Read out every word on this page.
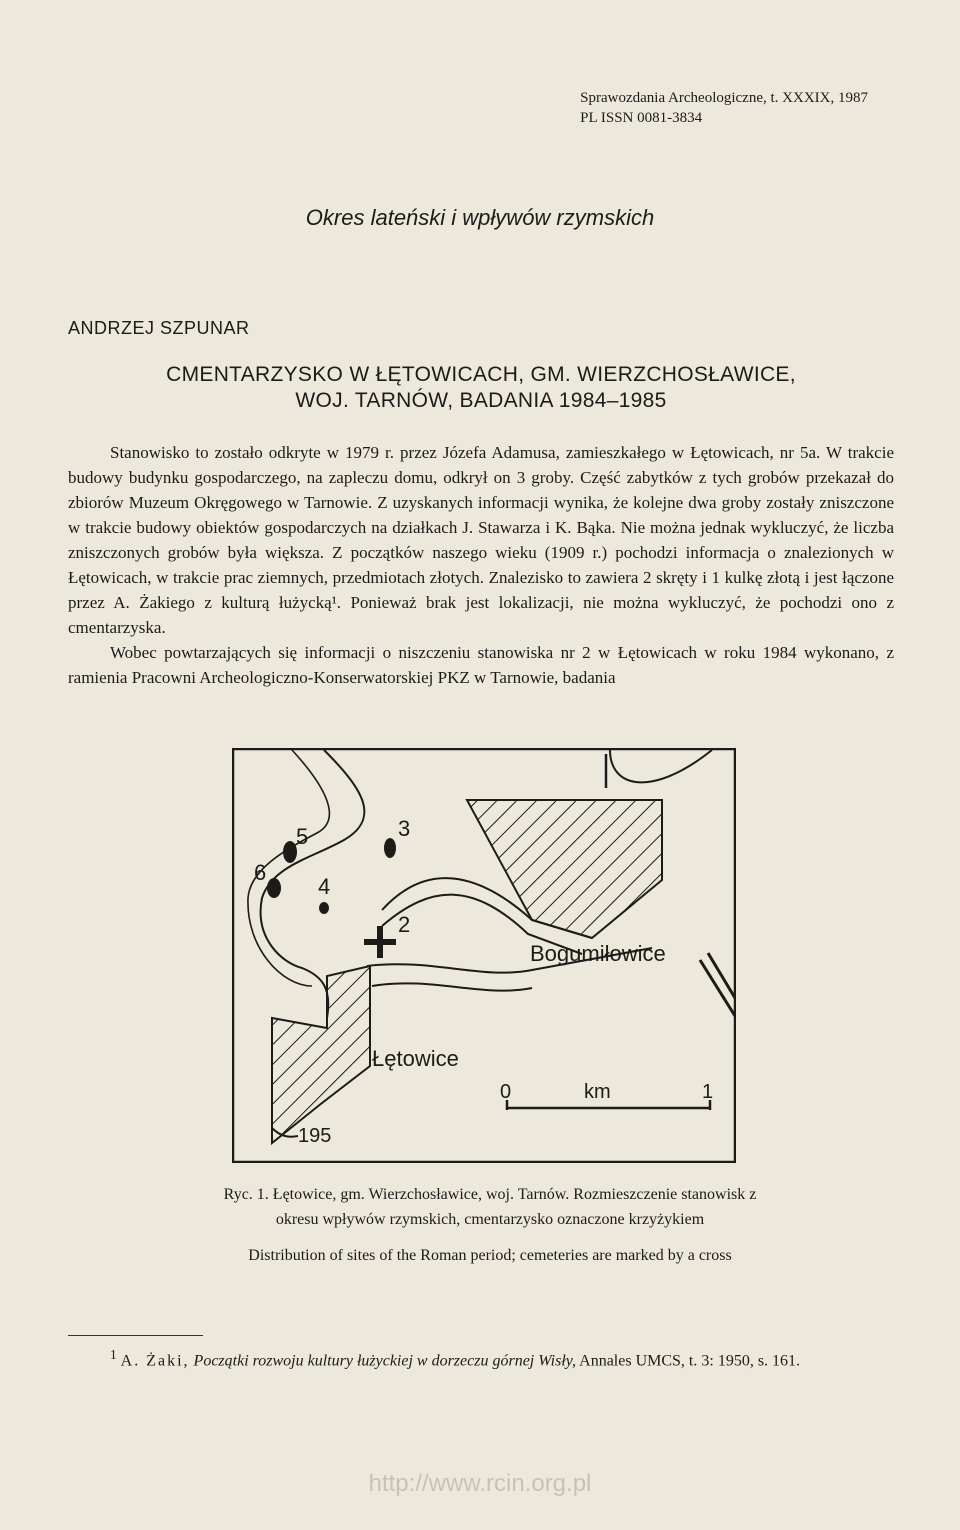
Sprawozdania Archeologiczne, t. XXXIX, 1987
PL ISSN 0081-3834
Okres lateński i wpływów rzymskich
ANDRZEJ SZPUNAR
CMENTARZYSKO W ŁĘTOWICACH, GM. WIERZCHOSŁAWICE,
WOJ. TARNÓW, BADANIA 1984–1985

Stanowisko to zostało odkryte w 1979 r. przez Józefa Adamusa, zamieszkałego w Łętowicach, nr 5a. W trakcie budowy budynku gospodarczego, na zapleczu domu, odkrył on 3 groby. Część zabytków z tych grobów przekazał do zbiorów Muzeum Okręgowego w Tarnowie. Z uzyskanych informacji wynika, że kolejne dwa groby zostały zniszczone w trakcie budowy obiektów gospodarczych na działkach J. Stawarza i K. Bąka. Nie można jednak wykluczyć, że liczba zniszczonych grobów była większa. Z początków naszego wieku (1909 r.) pochodzi informacja o znalezionych w Łętowicach, w trakcie prac ziemnych, przedmiotach złotych. Znalezisko to zawiera 2 skręty i 1 kulkę złotą i jest łączone przez A. Żakiego z kulturą łużycką¹. Ponieważ brak jest lokalizacji, nie można wykluczyć, że pochodzi ono z cmentarzyska.

Wobec powtarzających się informacji o niszczeniu stanowiska nr 2 w Łętowicach w roku 1984 wykonano, z ramienia Pracowni Archeologiczno-Konserwatorskiej PKZ w Tarnowie, badania

5	3
6
4
2
Bogumiłowice
Łętowice
195
0	km	1

Ryc. 1. Łętowice, gm. Wierzchosławice, woj. Tarnów. Rozmieszczenie stanowisk z okresu wpływów rzymskich, cmentarzysko oznaczone krzyżykiem

Distribution of sites of the Roman period; cemeteries are marked by a cross

$^1$ A. Żaki, Początki rozwoju kultury łużyckiej w dorzeczu górnej Wisły, Annales UMCS, t. 3: 1950, s. 161.
http://www.rcin.org.pl
